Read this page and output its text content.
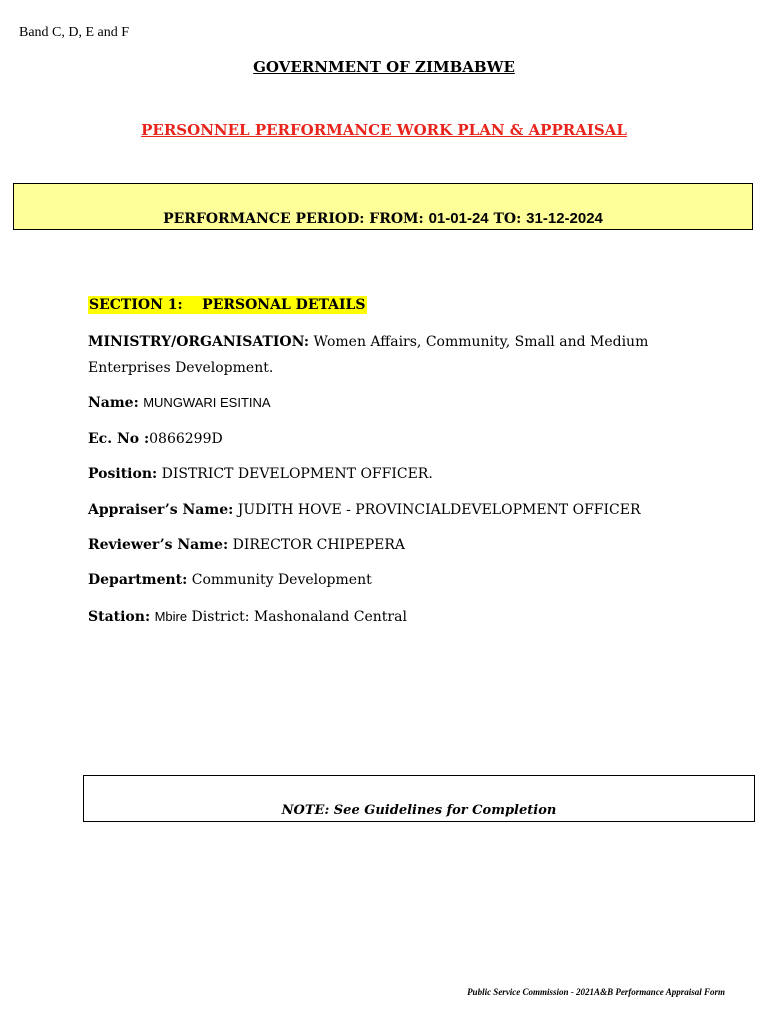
Band C, D, E and F
GOVERNMENT OF ZIMBABWE
PERSONNEL PERFORMANCE WORK PLAN & APPRAISAL
PERFORMANCE PERIOD: FROM: 01-01-24 TO: 31-12-2024
SECTION 1:    PERSONAL DETAILS
MINISTRY/ORGANISATION: Women Affairs, Community, Small and Medium Enterprises Development.
Name: MUNGWARI ESITINA
Ec. No :0866299D
Position: DISTRICT DEVELOPMENT OFFICER.
Appraiser’s Name: JUDITH HOVE - PROVINCIALDEVELOPMENT OFFICER
Reviewer’s Name: DIRECTOR CHIPEPERA
Department: Community Development
Station: Mbire District: Mashonaland Central
NOTE: See Guidelines for Completion
Public Service Commission - 2021A&B Performance Appraisal Form
